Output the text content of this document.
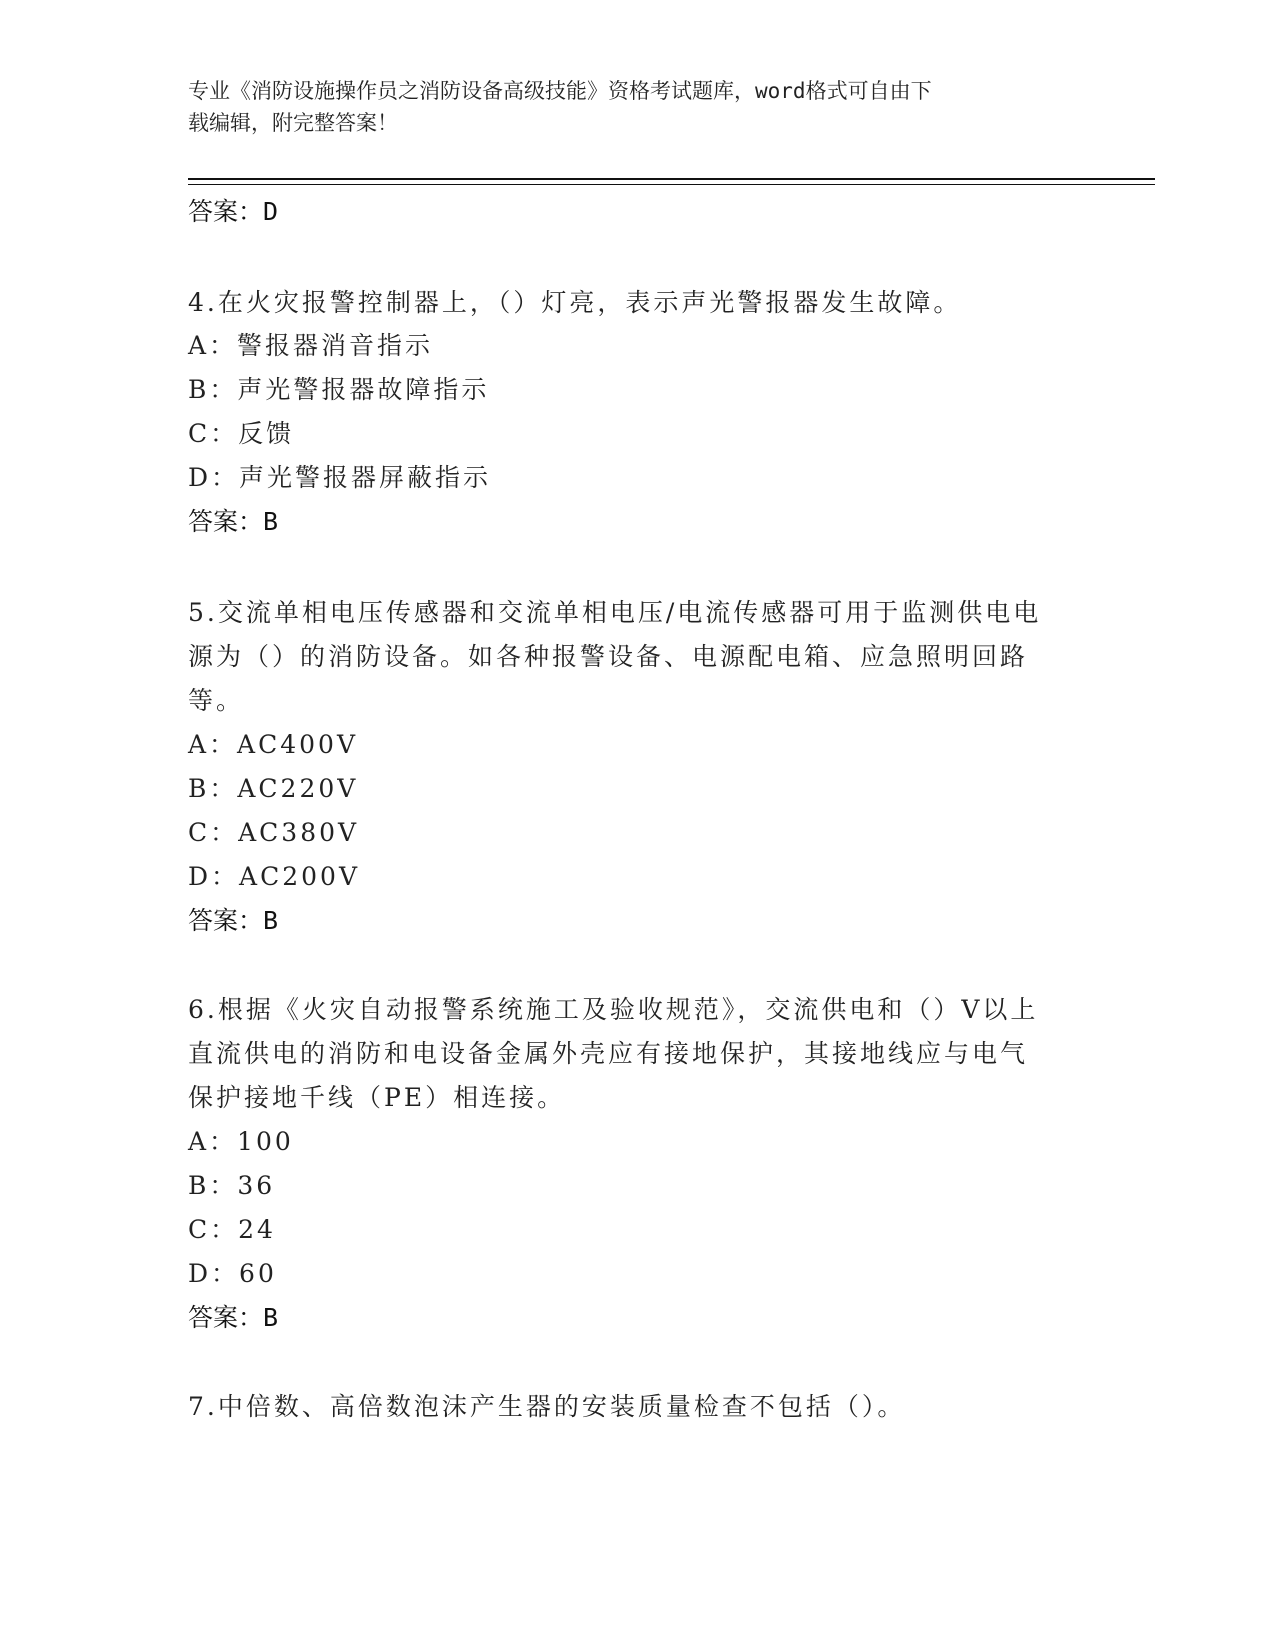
专业《消防设施操作员之消防设备高级技能》资格考试题库，word格式可自由下
载编辑，附完整答案！
答案：D
4.在火灾报警控制器上，（）灯亮，表示声光警报器发生故障。
A：警报器消音指示
B：声光警报器故障指示
C：反馈
D：声光警报器屏蔽指示
答案：B
5.交流单相电压传感器和交流单相电压/电流传感器可用于监测供电电
源为（）的消防设备。如各种报警设备、电源配电箱、应急照明回路
等。
A：AC400V
B：AC220V
C：AC380V
D：AC200V
答案：B
6.根据《火灾自动报警系统施工及验收规范》，交流供电和（）V以上
直流供电的消防和电设备金属外壳应有接地保护，其接地线应与电气
保护接地千线（PE）相连接。
A：100
B：36
C：24
D：60
答案：B
7.中倍数、高倍数泡沫产生器的安装质量检查不包括（）。
